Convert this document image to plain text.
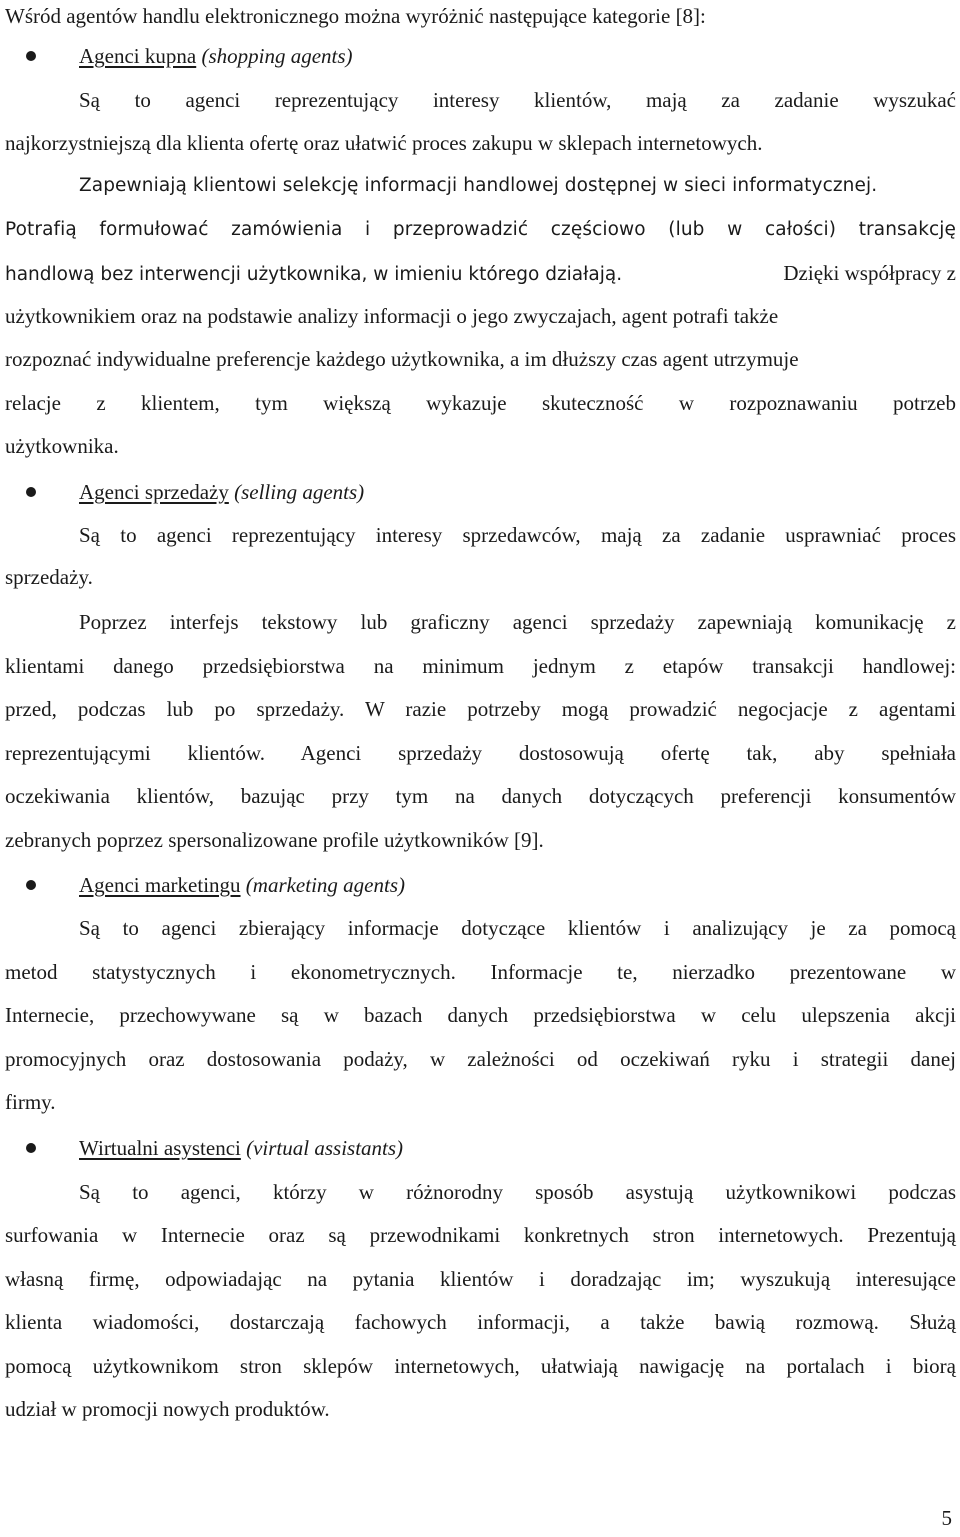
Wśród agentów handlu elektronicznego można wyróżnić następujące kategorie [8]:
Agenci kupna (shopping agents)
Są to agenci reprezentujący interesy klientów, mają za zadanie wyszukać
najkorzystniejszą dla klienta ofertę oraz ułatwić proces zakupu w sklepach internetowych.
Zapewniają klientowi selekcję informacji handlowej dostępnej w sieci informatycznej.
Potrafią formułować zamówienia i przeprowadzić częściowo (lub w całości) transakcję
handlową bez interwencji użytkownika, w imieniu którego działają.	Dzięki współpracy z
użytkownikiem oraz na podstawie analizy informacji o jego zwyczajach, agent potrafi także
rozpoznać indywidualne preferencje każdego użytkownika, a im dłuższy czas agent utrzymuje
relacje z klientem, tym większą wykazuje skuteczność w rozpoznawaniu potrzeb
użytkownika.
Agenci sprzedaży (selling agents)
Są to agenci reprezentujący interesy sprzedawców, mają za zadanie usprawniać proces
sprzedaży.
Poprzez interfejs tekstowy lub graficzny agenci sprzedaży zapewniają komunikację z
klientami danego przedsiębiorstwa na minimum jednym z etapów transakcji handlowej:
przed, podczas lub po sprzedaży. W razie potrzeby mogą prowadzić negocjacje z agentami
reprezentującymi klientów. Agenci sprzedaży dostosowują ofertę tak, aby spełniała
oczekiwania klientów, bazując przy tym na danych dotyczących preferencji konsumentów
zebranych poprzez spersonalizowane profile użytkowników [9].
Agenci marketingu (marketing agents)
Są to agenci zbierający informacje dotyczące klientów i analizujący je za pomocą
metod statystycznych i ekonometrycznych. Informacje te, nierzadko prezentowane w
Internecie, przechowywane są w bazach danych przedsiębiorstwa w celu ulepszenia akcji
promocyjnych oraz dostosowania podaży, w zależności od oczekiwań ryku i strategii danej
firmy.
Wirtualni asystenci (virtual assistants)
Są to agenci, którzy w różnorodny sposób asystują użytkownikowi podczas
surfowania w Internecie oraz są przewodnikami konkretnych stron internetowych. Prezentują
własną firmę, odpowiadając na pytania klientów i doradzając im; wyszukują interesujące
klienta wiadomości, dostarczają fachowych informacji, a także bawią rozmową. Służą
pomocą użytkownikom stron sklepów internetowych, ułatwiają nawigację na portalach i biorą
udział w promocji nowych produktów.
5
